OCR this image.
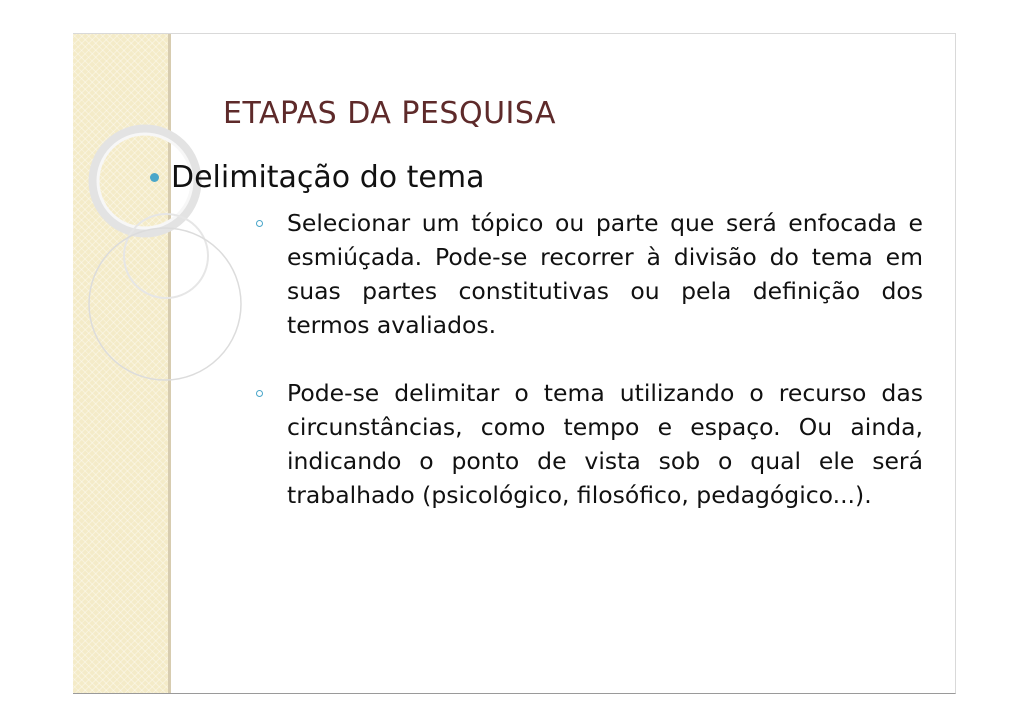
ETAPAS DA PESQUISA
Delimitação do tema
Selecionar um tópico ou parte que será enfocada e esmiúçada. Pode-se recorrer à divisão do tema em suas partes constitutivas ou pela definição dos termos avaliados.
Pode-se delimitar o tema utilizando o recurso das circunstâncias, como tempo e espaço. Ou ainda, indicando o ponto de vista sob o qual ele será trabalhado (psicológico, filosófico, pedagógico...).
